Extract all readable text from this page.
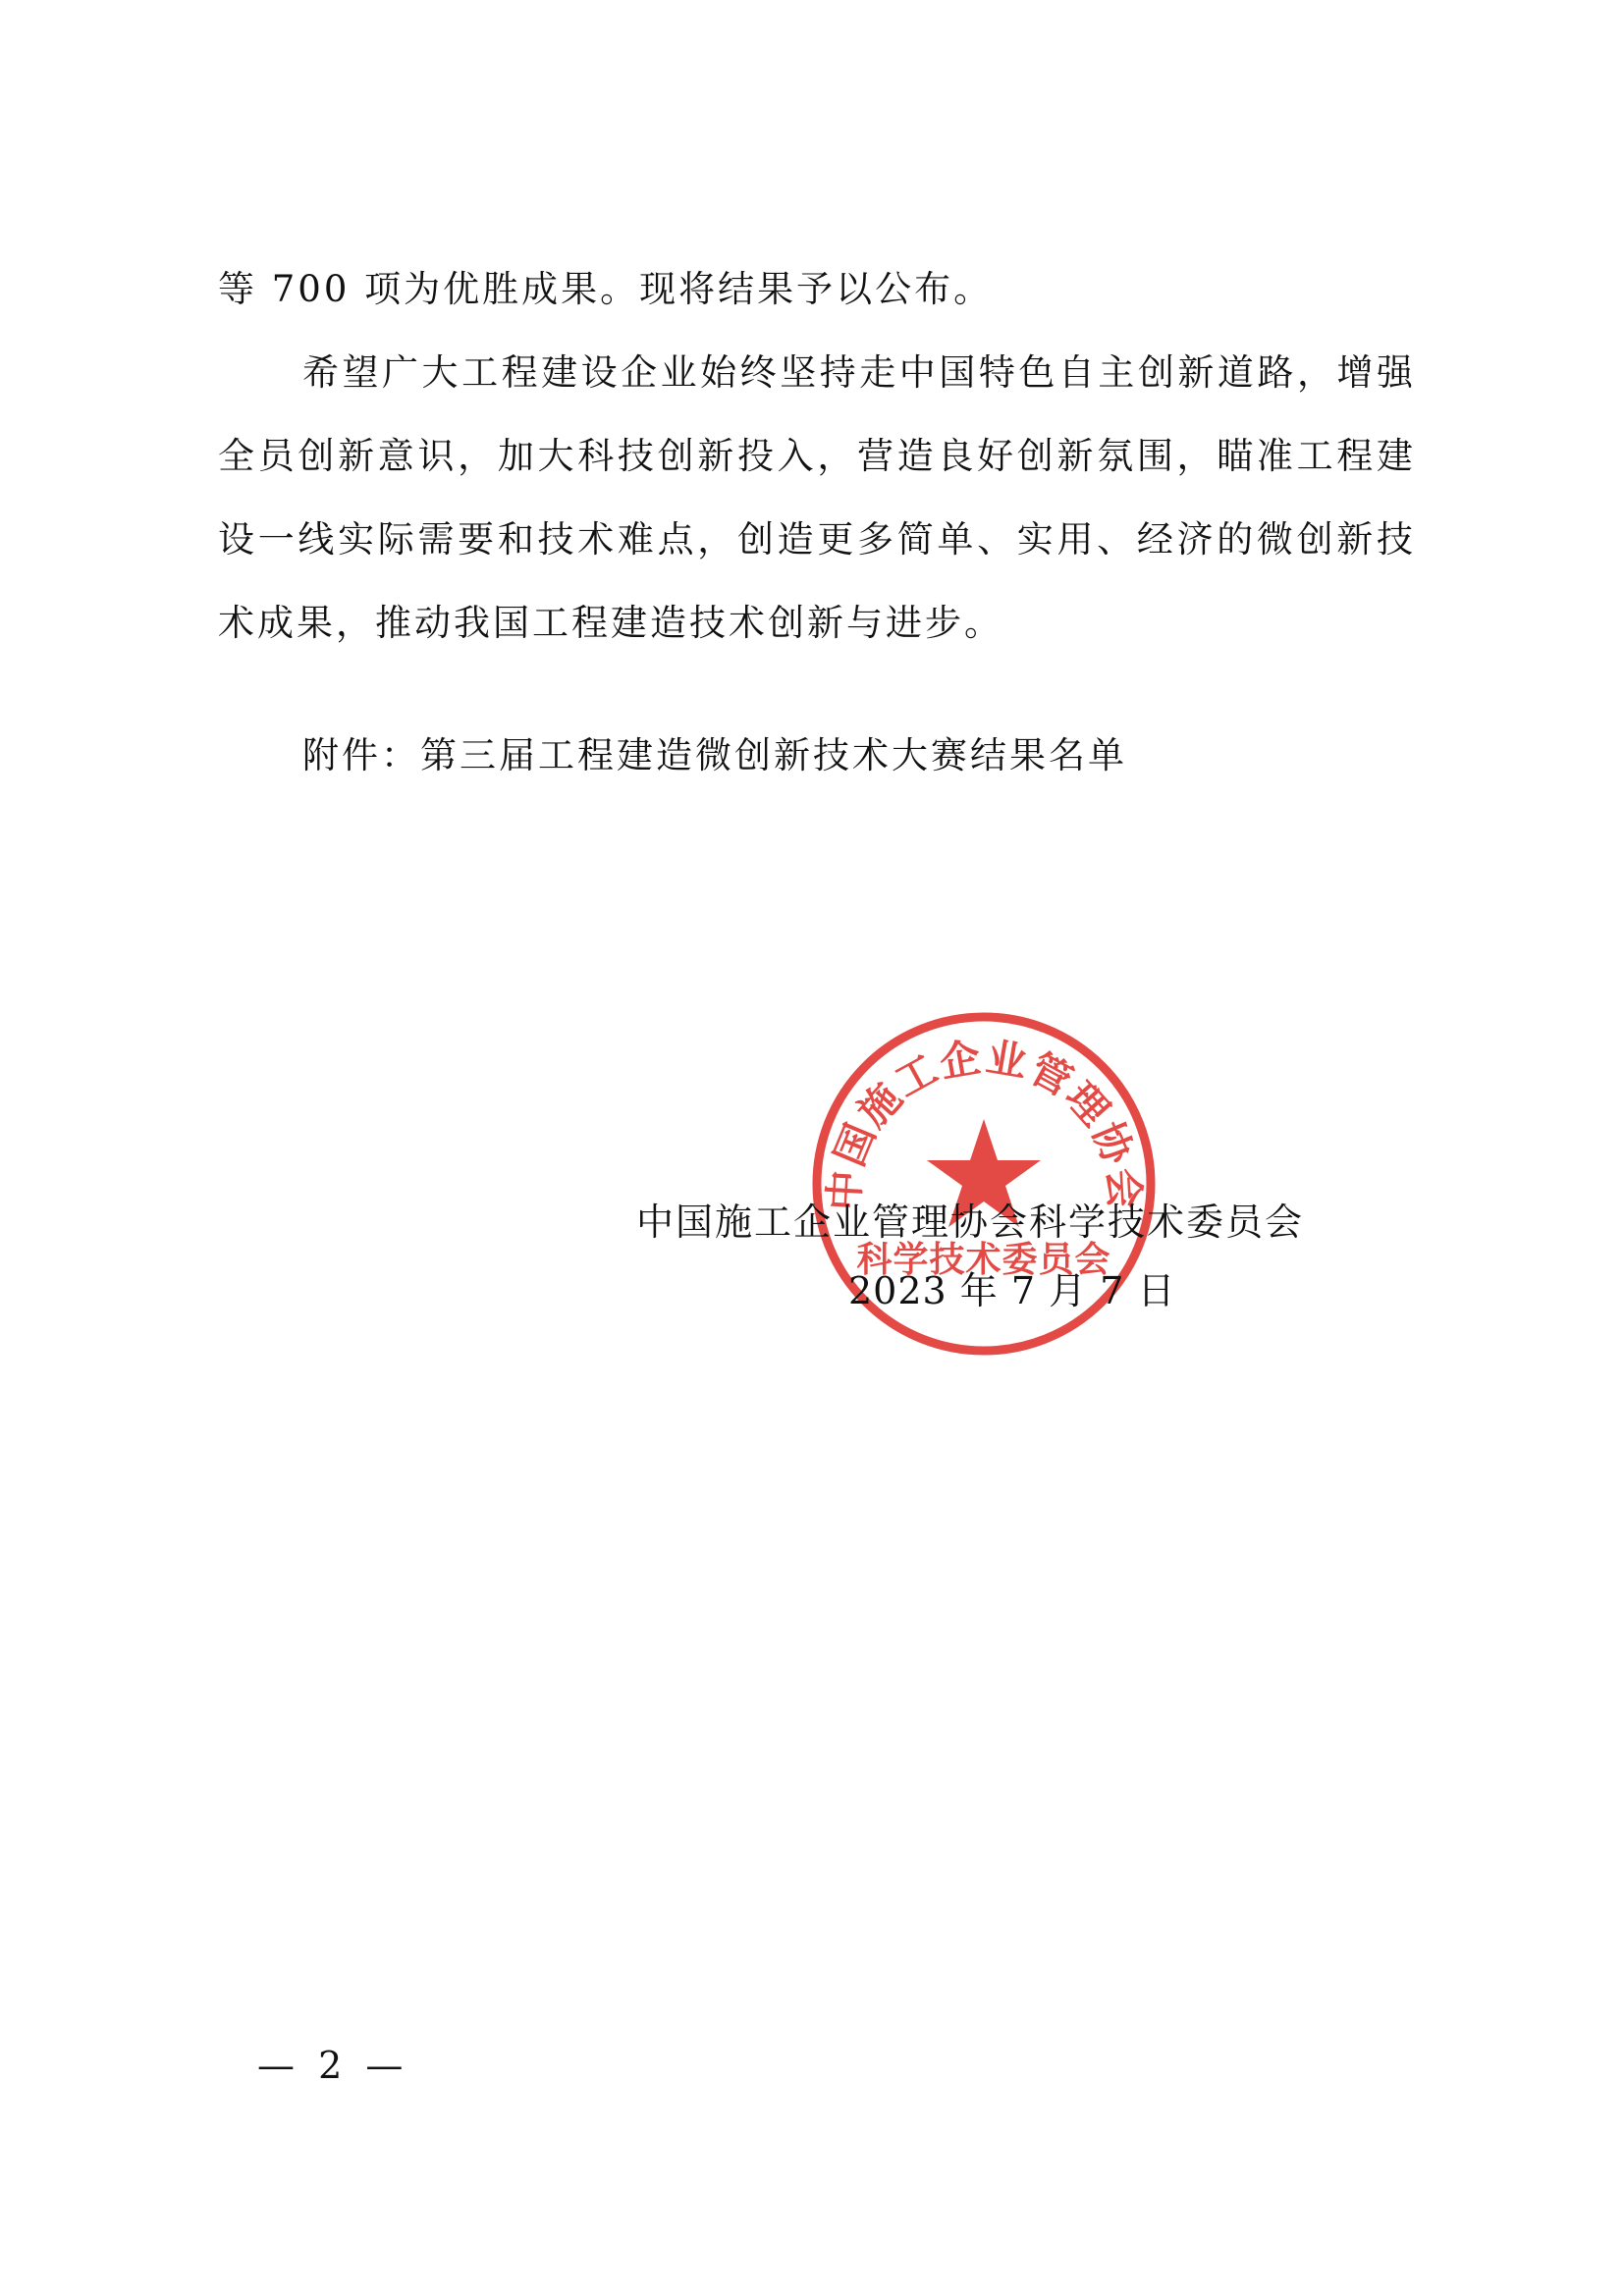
等 700 项为优胜成果。现将结果予以公布。

希望广大工程建设企业始终坚持走中国特色自主创新道路，增强全员创新意识，加大科技创新投入，营造良好创新氛围，瞄准工程建设一线实际需要和技术难点，创造更多简单、实用、经济的微创新技术成果，推动我国工程建造技术创新与进步。

附件：第三届工程建造微创新技术大赛结果名单
中国施工企业管理协会
科学技术委员会
中国施工企业管理协会科学技术委员会
2023 年 7 月 7 日
— 2 —
